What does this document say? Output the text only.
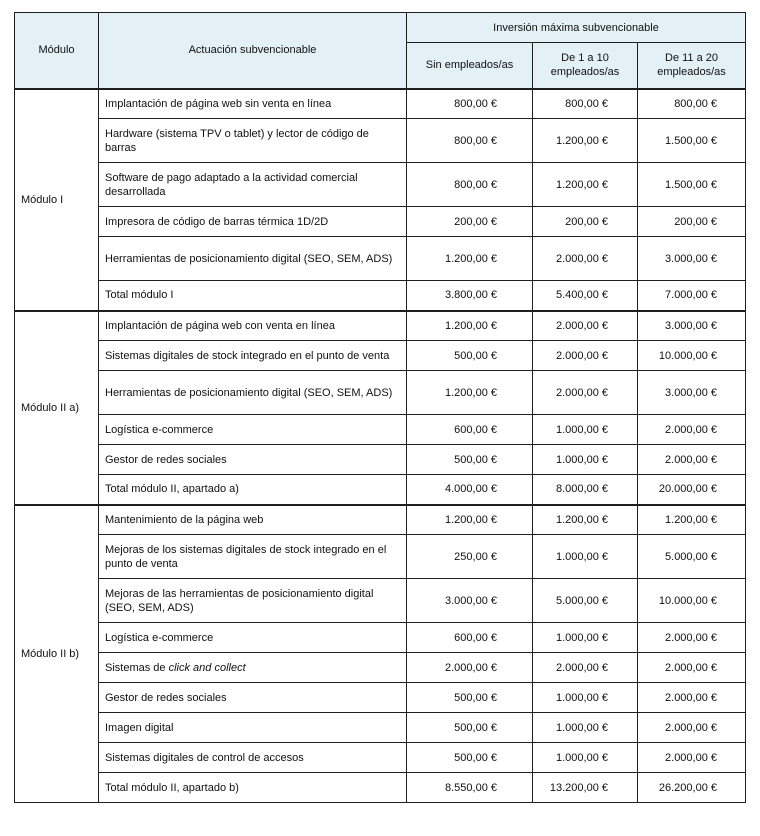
Módulo	Actuación subvencionable	Inversión máxima subvencionable		
		Sin empleados/as	De 1 a 10 empleados/as	De 11 a 20 empleados/as
Módulo I	Implantación de página web sin venta en línea	800,00 €	800,00 €	800,00 €
	Hardware (sistema TPV o tablet) y lector de código de barras	800,00 €	1.200,00 €	1.500,00 €
	Software de pago adaptado a la actividad comercial desarrollada	800,00 €	1.200,00 €	1.500,00 €
	Impresora de código de barras térmica 1D/2D	200,00 €	200,00 €	200,00 €
	Herramientas de posicionamiento digital (SEO, SEM, ADS)	1.200,00 €	2.000,00 €	3.000,00 €
	Total módulo I	3.800,00 €	5.400,00 €	7.000,00 €
Módulo II a)	Implantación de página web con venta en línea	1.200,00 €	2.000,00 €	3.000,00 €
	Sistemas digitales de stock integrado en el punto de venta	500,00 €	2.000,00 €	10.000,00 €
	Herramientas de posicionamiento digital (SEO, SEM, ADS)	1.200,00 €	2.000,00 €	3.000,00 €
	Logística e-commerce	600,00 €	1.000,00 €	2.000,00 €
	Gestor de redes sociales	500,00 €	1.000,00 €	2.000,00 €
	Total módulo II, apartado a)	4.000,00 €	8.000,00 €	20.000,00 €
Módulo II b)	Mantenimiento de la página web	1.200,00 €	1.200,00 €	1.200,00 €
	Mejoras de los sistemas digitales de stock integrado en el punto de venta	250,00 €	1.000,00 €	5.000,00 €
	Mejoras de las herramientas de posicionamiento digital (SEO, SEM, ADS)	3.000,00 €	5.000,00 €	10.000,00 €
	Logística e-commerce	600,00 €	1.000,00 €	2.000,00 €
	Sistemas de click and collect	2.000,00 €	2.000,00 €	2.000,00 €
	Gestor de redes sociales	500,00 €	1.000,00 €	2.000,00 €
	Imagen digital	500,00 €	1.000,00 €	2.000,00 €
	Sistemas digitales de control de accesos	500,00 €	1.000,00 €	2.000,00 €
	Total módulo II, apartado b)	8.550,00 €	13.200,00 €	26.200,00 €
